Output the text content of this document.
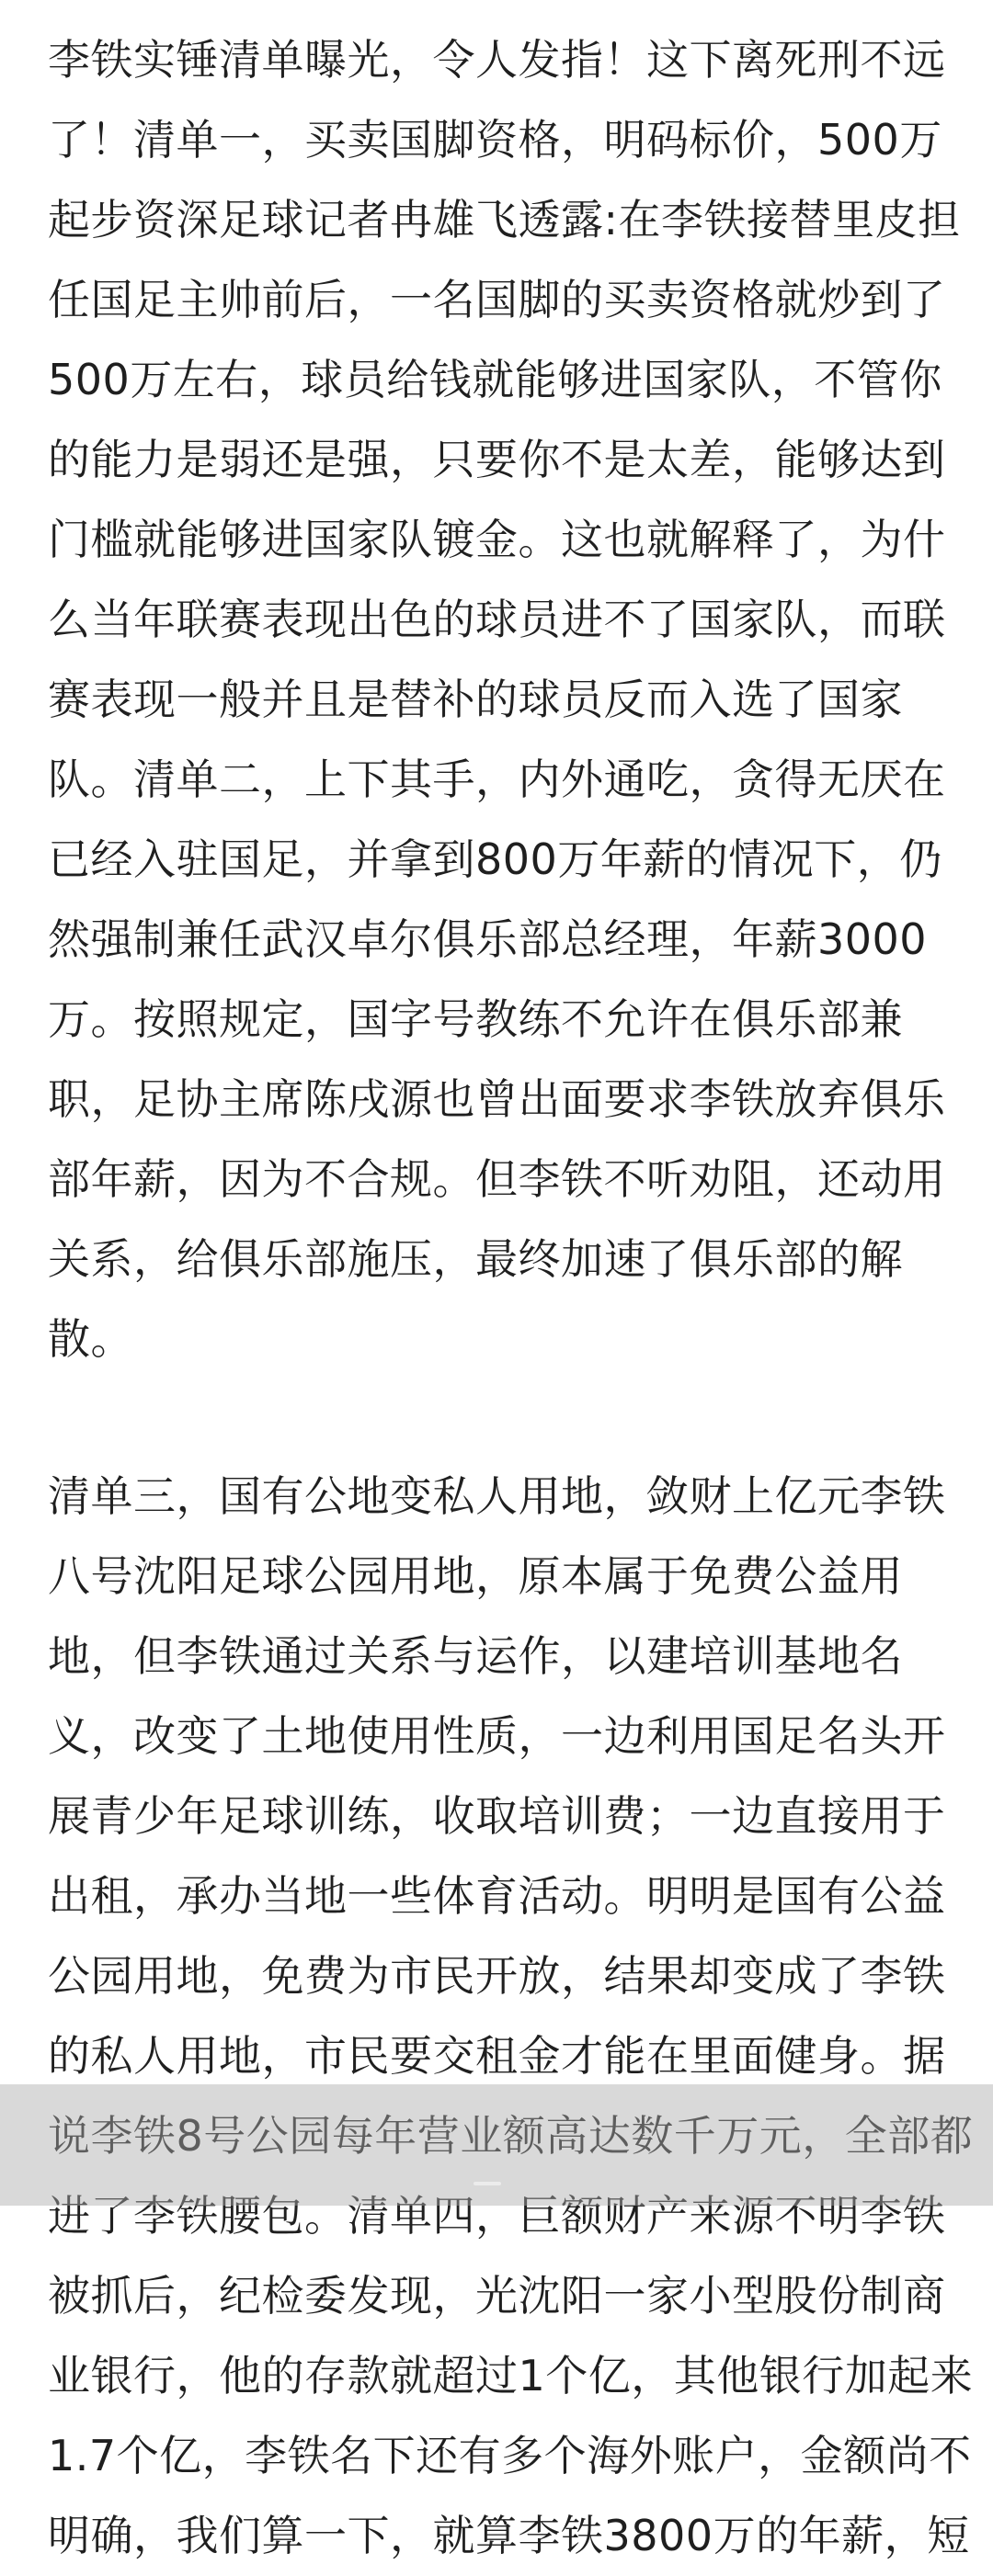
李铁实锤清单曝光，令人发指！这下离死刑不远
了！清单一，买卖国脚资格，明码标价，500万
起步资深足球记者冉雄飞透露:在李铁接替里皮担
任国足主帅前后，一名国脚的买卖资格就炒到了
500万左右，球员给钱就能够进国家队，不管你
的能力是弱还是强，只要你不是太差，能够达到
门槛就能够进国家队镀金。这也就解释了，为什
么当年联赛表现出色的球员进不了国家队，而联
赛表现一般并且是替补的球员反而入选了国家
队。清单二，上下其手，内外通吃，贪得无厌在
已经入驻国足，并拿到800万年薪的情况下，仍
然强制兼任武汉卓尔俱乐部总经理，年薪3000
万。按照规定，国字号教练不允许在俱乐部兼
职，足协主席陈戌源也曾出面要求李铁放弃俱乐
部年薪，因为不合规。但李铁不听劝阻，还动用
关系，给俱乐部施压，最终加速了俱乐部的解
散。
清单三，国有公地变私人用地，敛财上亿元李铁
八号沈阳足球公园用地，原本属于免费公益用
地，但李铁通过关系与运作，以建培训基地名
义，改变了土地使用性质，一边利用国足名头开
展青少年足球训练，收取培训费；一边直接用于
出租，承办当地一些体育活动。明明是国有公益
公园用地，免费为市民开放，结果却变成了李铁
的私人用地，市民要交租金才能在里面健身。据
说李铁8号公园每年营业额高达数千万元，全部都
进了李铁腰包。清单四，巨额财产来源不明李铁
被抓后，纪检委发现，光沈阳一家小型股份制商
业银行，他的存款就超过1个亿，其他银行加起来
1.7个亿，李铁名下还有多个海外账户，金额尚不
明确，我们算一下，就算李铁3800万的年薪，短
